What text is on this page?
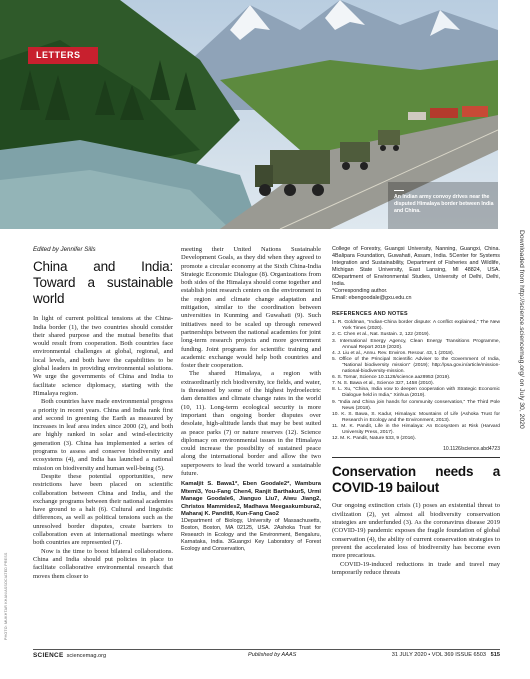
LETTERS
An Indian army convoy drives near the disputed Himalaya border between India and China.
Downloaded from http://science.sciencemag.org/ on July 30, 2020
PHOTO: MUKHTAR KHAN/ASSOCIATED PRESS
Edited by Jennifer Sills
China and India: Toward a sustainable world

In light of current political tensions at the China-India border (1), the two countries should consider their shared purpose and the mutual benefits that would result from cooperation. Both countries face environmental challenges at global, regional, and local levels, and both have the capabilities to be global leaders in providing environmental solutions. We urge the governments of China and India to facilitate science diplomacy, starting with the Himalaya region.

Both countries have made environmental progress a priority in recent years. China and India rank first and second in greening the Earth as measured by increases in leaf area index since 2000 (2), and both are highly ranked in solar and wind-electricity generation (3). China has implemented a series of programs to assess and conserve biodiversity and ecosystems (4), and India has launched a national mission on biodiversity and human well-being (5).

Despite these potential opportunities, new restrictions have been placed on scientific collaboration between China and India, and the exchange programs between their national academies have ground to a halt (6). Cultural and linguistic differences, as well as political tensions such as the unresolved border disputes, create barriers to collaboration even at international meetings where both countries are represented (7).

Now is the time to boost bilateral collaborations. China and India should put policies in place to facilitate collaborative environmental research that moves them closer to

meeting their United Nations Sustainable Development Goals, as they did when they agreed to promote a circular economy at the Sixth China-India Strategic Economic Dialogue (8). Organizations from both sides of the Himalaya should come together and establish joint research centers on the environment in the region and climate change adaptation and mitigation, similar to the coordination between universities in Kunming and Guwahati (9). Such initiatives need to be scaled up through renewed partnerships between the national academies for joint long-term research projects and more government funding. Joint programs for scientific training and academic exchange would help both countries and foster their cooperation.

The shared Himalaya, a region with extraordinarily rich biodiversity, ice fields, and water, is threatened by some of the highest hydroelectric dam densities and climate change rates in the world (10, 11). Long-term ecological security is more important than ongoing border disputes over desolate, high-altitude lands that may be best suited as peace parks (7) or nature reserves (12). Science diplomacy on environmental issues in the Himalaya could increase the possibility of sustained peace along the international border and allow the two superpowers to lead the world toward a sustainable future.

Kamaljit S. Bawa1*, Eben Goodale2*, Wambura Mtemi3, You-Fang Chen4, Ranjit Barthakur5, Urmi Manage Goodale6, Jianguo Liu7, Aiwu Jiang2, Christos Mammides2, Madhava Meegaskumbura2, Maharaj K. Pandit8, Kun-Fang Cao2
1Department of Biology, University of Massachusetts, Boston, Boston, MA 02125, USA. 2Ashoka Trust for Research in Ecology and the Environment, Bengaluru, Karnataka, India. 3Guangxi Key Laboratory of Forest Ecology and Conservation,
College of Forestry, Guangxi University, Nanning, Guangxi, China. 4Balipara Foundation, Guwahati, Assam, India. 5Center for Systems Integration and Sustainability, Department of Fisheries and Wildlife, Michigan State University, East Lansing, MI 48824, USA. 6Department of Environmental Studies, University of Delhi, Delhi, India.
*Corresponding author.
Email: ebengoodale@gxu.edu.cn
REFERENCES AND NOTES
1. R. Goldman, "Indian-China border dispute: A conflict explained," The New York Times (2020).
2. C. Chen et al., Nat. Sustain. 2, 122 (2019).
3. International Energy Agency, Clean Energy Transitions Programme, Annual Report 2019 (2020).
4. J. Liu et al., Annu. Rev. Environ. Resour. 43, 1 (2018).
5. Office of the Principal Scientific Adviser to the Government of India, "National biodiversity mission" (2019); http://psa.gov.in/article/mission-national-biodiversity-mission.
6. S. Tomar, Science 10.1126/science.aaz8953 (2019).
7. N. S. Bawa et al., Science 327, 1458 (2010).
8. L. Xu, "China, India vow to deepen cooperation with Strategic Economic Dialogue held in India," Xinhua (2019).
9. "India and China join hands for community conservation," The Third Pole News (2018).
10. K. S. Bawa, S. Kadur, Himalaya: Mountains of Life (Ashoka Trust for Research in Ecology and the Environment, 2013).
11. M. K. Pandit, Life in the Himalaya: An Ecosystem at Risk (Harvard University Press, 2017).
12. M. K. Pandit, Nature 533, 9 (2016).
10.1126/science.abd4723
Conservation needs a COVID-19 bailout

Our ongoing extinction crisis (1) poses an existential threat to civilization (2), yet almost all biodiversity conservation strategies are underfunded (3). As the coronavirus disease 2019 (COVID-19) pandemic exposes the fragile foundation of global conservation (4), the ability of current conservation strategies to prevent the accelerated loss of biodiversity has become even more precarious.

COVID-19-induced reductions in trade and travel may temporarily reduce threats

SCIENCE sciencemag.org	Published by AAAS	31 JULY 2020 • VOL 369 ISSUE 6503 515
